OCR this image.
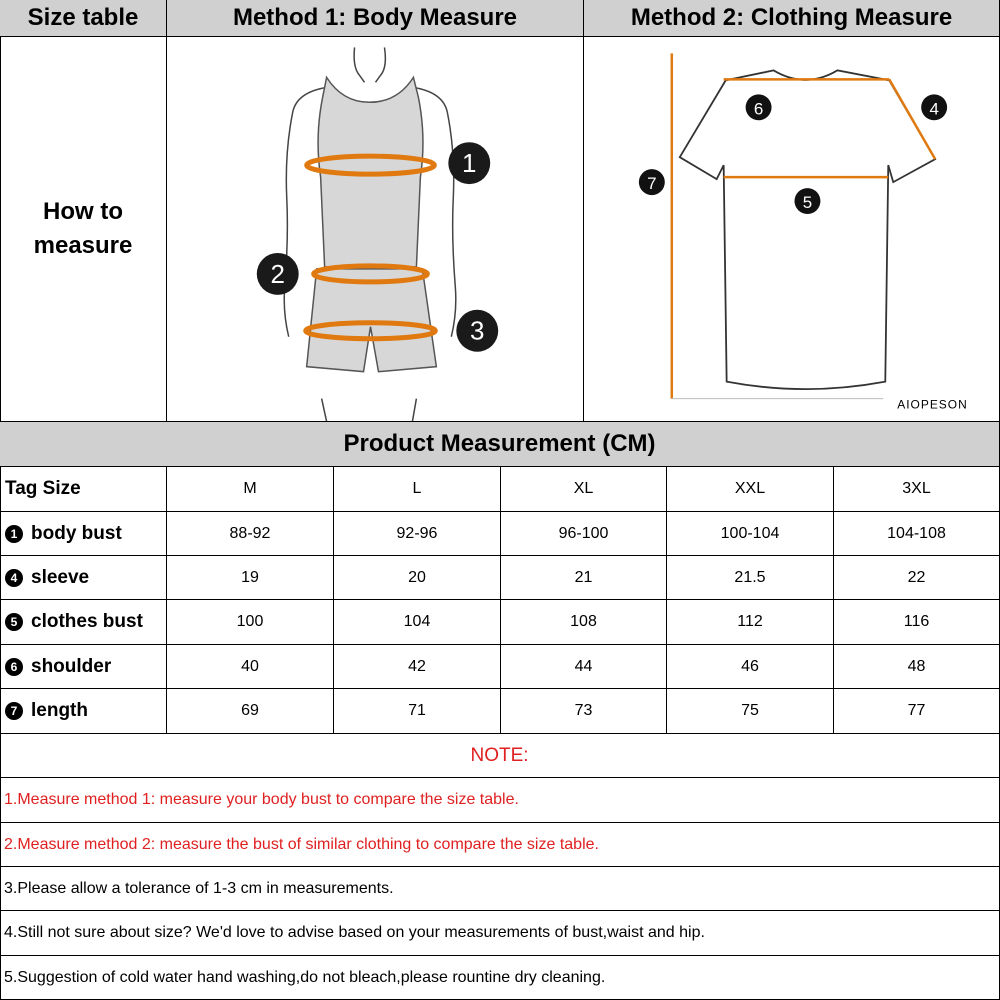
Size table	Method 1: Body Measure	Method 2: Clothing Measure
How to
measure
1
2
3
6	4
7
5
AIOPESON
Product Measurement (CM)
Tag Size	M	L	XL	XXL	3XL
1 body bust	88-92	92-96	96-100	100-104	104-108
4 sleeve	19	20	21	21.5	22
5 clothes bust	100	104	108	112	116
6 shoulder	40	42	44	46	48
7 length	69	71	73	75	77
NOTE:
1.Measure method 1: measure your body bust to compare the size table.
2.Measure method 2: measure the bust of similar clothing to compare the size table.
3.Please allow a tolerance of 1-3 cm in measurements.
4.Still not sure about size? We'd love to advise based on your measurements of bust,waist and hip.
5.Suggestion of cold water hand washing,do not bleach,please rountine dry cleaning.
